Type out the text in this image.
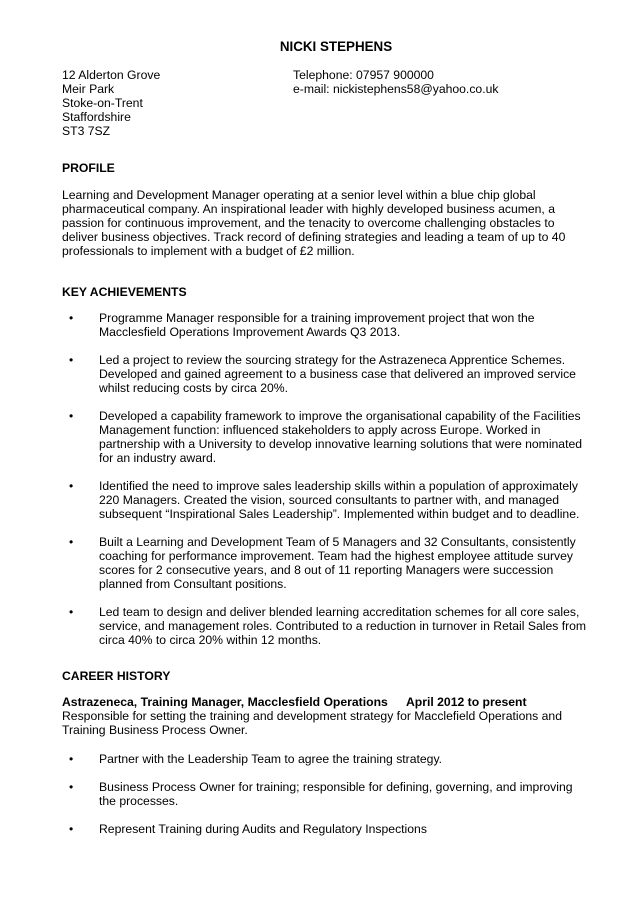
NICKI STEPHENS
12 Alderton Grove
Meir Park
Stoke-on-Trent
Staffordshire
ST3 7SZ
Telephone: 07957 900000
e-mail: nickistephens58@yahoo.co.uk
PROFILE
Learning and Development Manager operating at a senior level within a blue chip global
pharmaceutical company. An inspirational leader with highly developed business acumen, a
passion for continuous improvement, and the tenacity to overcome challenging obstacles to
deliver business objectives. Track record of defining strategies and leading a team of up to 40
professionals to implement with a budget of £2 million.
KEY ACHIEVEMENTS
• Programme Manager responsible for a training improvement project that won the
Macclesfield Operations Improvement Awards Q3 2013.
• Led a project to review the sourcing strategy for the Astrazeneca Apprentice Schemes.
Developed and gained agreement to a business case that delivered an improved service
whilst reducing costs by circa 20%.
• Developed a capability framework to improve the organisational capability of the Facilities
Management function: influenced stakeholders to apply across Europe. Worked in
partnership with a University to develop innovative learning solutions that were nominated
for an industry award.
• Identified the need to improve sales leadership skills within a population of approximately
220 Managers. Created the vision, sourced consultants to partner with, and managed
subsequent “Inspirational Sales Leadership”. Implemented within budget and to deadline.
• Built a Learning and Development Team of 5 Managers and 32 Consultants, consistently
coaching for performance improvement. Team had the highest employee attitude survey
scores for 2 consecutive years, and 8 out of 11 reporting Managers were succession
planned from Consultant positions.
• Led team to design and deliver blended learning accreditation schemes for all core sales,
service, and management roles. Contributed to a reduction in turnover in Retail Sales from
circa 40% to circa 20% within 12 months.
CAREER HISTORY
Astrazeneca, Training Manager, Macclesfield Operations April 2012 to present
Responsible for setting the training and development strategy for Macclefield Operations and
Training Business Process Owner.
• Partner with the Leadership Team to agree the training strategy.
• Business Process Owner for training; responsible for defining, governing, and improving
the processes.
• Represent Training during Audits and Regulatory Inspections
